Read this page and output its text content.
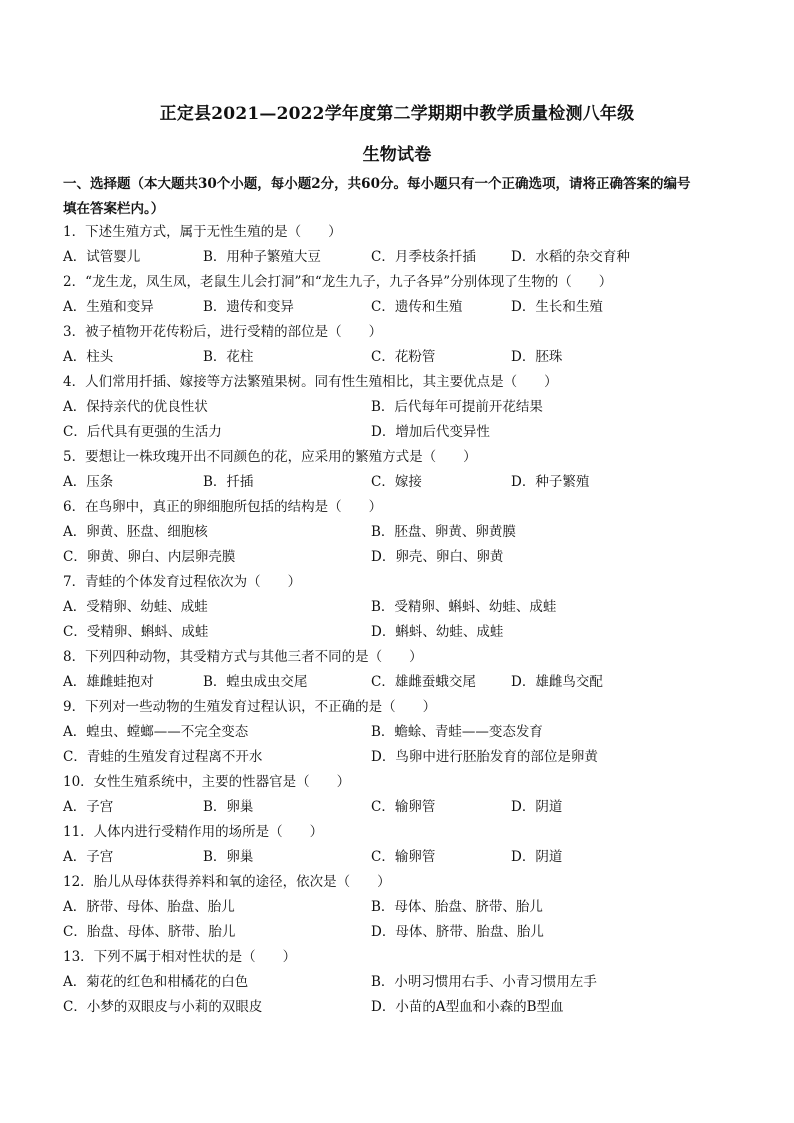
正定县2021—2022学年度第二学期期中教学质量检测八年级
生物试卷
一、选择题（本大题共30个小题，每小题2分，共60分。每小题只有一个正确选项，请将正确答案的编号
填在答案栏内。）
1．下述生殖方式，属于无性生殖的是（　　）
A．试管婴儿	B．用种子繁殖大豆	C．月季枝条扦插	D．水稻的杂交育种
2．“龙生龙，凤生凤，老鼠生儿会打洞”和“龙生九子，九子各异”分别体现了生物的（　　）
A．生殖和变异	B．遗传和变异	C．遗传和生殖	D．生长和生殖
3．被子植物开花传粉后，进行受精的部位是（　　）
A．柱头	B．花柱	C．花粉管	D．胚珠
4．人们常用扦插、嫁接等方法繁殖果树。同有性生殖相比，其主要优点是（　　）
A．保持亲代的优良性状	B．后代每年可提前开花结果
C．后代具有更强的生活力	D．增加后代变异性
5．要想让一株玫瑰开出不同颜色的花，应采用的繁殖方式是（　　）
A．压条	B．扦插	C．嫁接	D．种子繁殖
6．在鸟卵中，真正的卵细胞所包括的结构是（　　）
A．卵黄、胚盘、细胞核	B．胚盘、卵黄、卵黄膜
C．卵黄、卵白、内层卵壳膜	D．卵壳、卵白、卵黄
7．青蛙的个体发育过程依次为（　　）
A．受精卵、幼蛙、成蛙	B．受精卵、蝌蚪、幼蛙、成蛙
C．受精卵、蝌蚪、成蛙	D．蝌蚪、幼蛙、成蛙
8．下列四种动物，其受精方式与其他三者不同的是（　　）
A．雄雌蛙抱对	B．蝗虫成虫交尾	C．雄雌蚕蛾交尾	D．雄雌鸟交配
9．下列对一些动物的生殖发育过程认识，不正确的是（　　）
A．蝗虫、螳螂——不完全变态	B．蟾蜍、青蛙——变态发育
C．青蛙的生殖发育过程离不开水	D．鸟卵中进行胚胎发育的部位是卵黄
10．女性生殖系统中，主要的性器官是（　　）
A．子宫	B．卵巢	C．输卵管	D．阴道
11．人体内进行受精作用的场所是（　　）
A．子宫	B．卵巢	C．输卵管	D．阴道
12．胎儿从母体获得养料和氧的途径，依次是（　　）
A．脐带、母体、胎盘、胎儿	B．母体、胎盘、脐带、胎儿
C．胎盘、母体、脐带、胎儿	D．母体、脐带、胎盘、胎儿
13．下列不属于相对性状的是（　　）
A．菊花的红色和柑橘花的白色	B．小明习惯用右手、小青习惯用左手
C．小梦的双眼皮与小莉的双眼皮	D．小苗的A型血和小森的B型血
